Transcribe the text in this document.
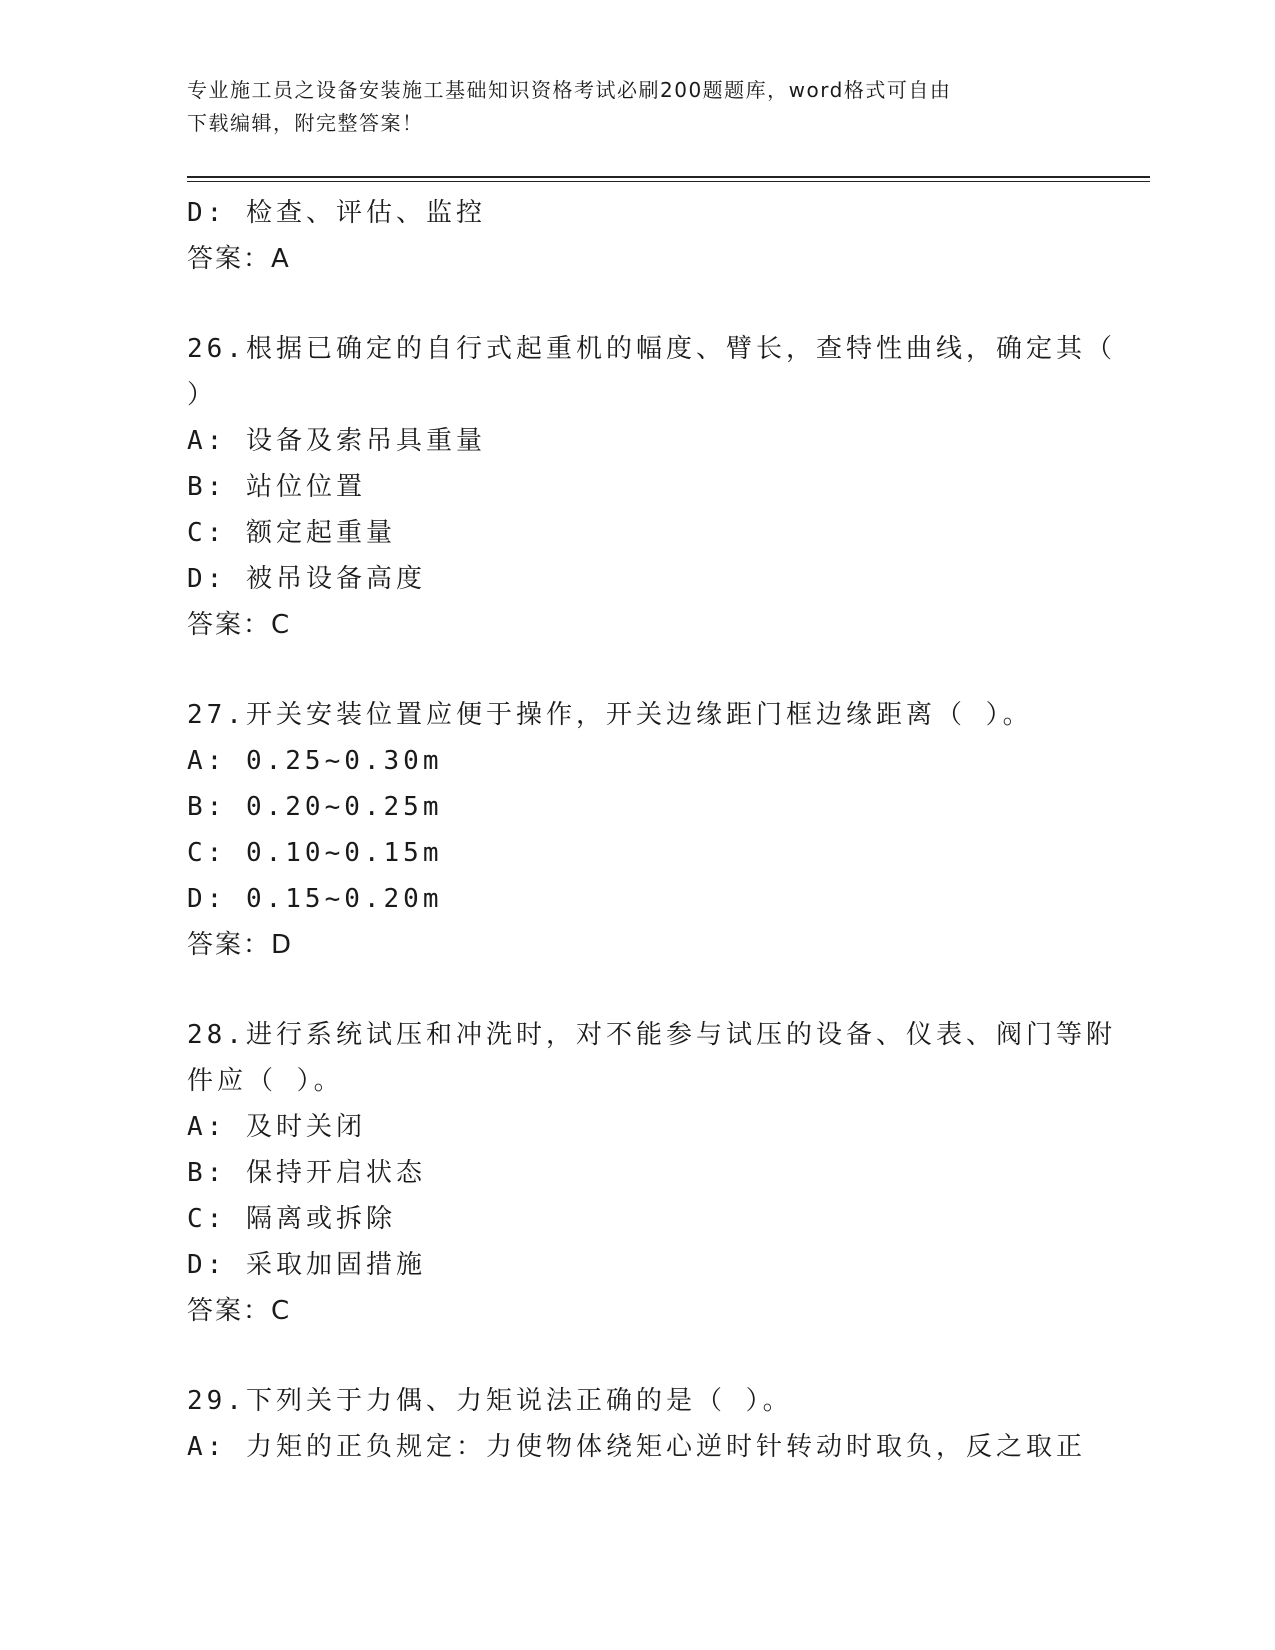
专业施工员之设备安装施工基础知识资格考试必刷200题题库，word格式可自由
下载编辑，附完整答案！
D: 检查、评估、监控
答案：A
26.根据已确定的自行式起重机的幅度、臂长，查特性曲线，确定其（
）
A: 设备及索吊具重量
B: 站位位置
C: 额定起重量
D: 被吊设备高度
答案：C
27.开关安装位置应便于操作，开关边缘距门框边缘距离（ ）。
A: 0.25~0.30m
B: 0.20~0.25m
C: 0.10~0.15m
D: 0.15~0.20m
答案：D
28.进行系统试压和冲洗时，对不能参与试压的设备、仪表、阀门等附
件应（ ）。
A: 及时关闭
B: 保持开启状态
C: 隔离或拆除
D: 采取加固措施
答案：C
29.下列关于力偶、力矩说法正确的是（ ）。
A: 力矩的正负规定：力使物体绕矩心逆时针转动时取负，反之取正
